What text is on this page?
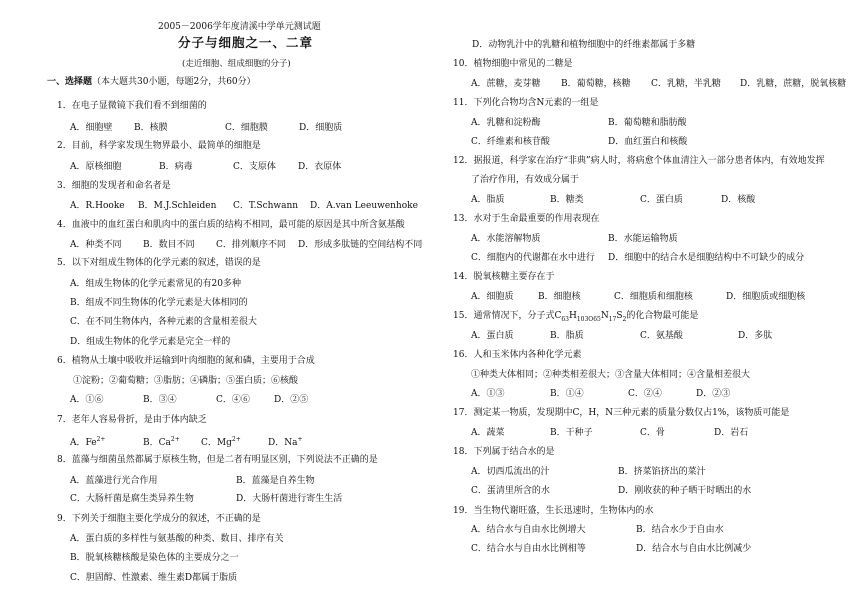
2005－2006学年度清溪中学单元测试题
分子与细胞之一、二章
(走近细胞、组成细胞的分子)
一、选择题（本大题共30小题，每题2分，共60分）
1．在电子显微镜下我们看不到细菌的
A．细胞壁 B．核膜	C．细胞膜	D．细胞质
2．目前，科学家发现生物界最小、最简单的细胞是
A．原核细胞	B．病毒	C．支原体 D．衣原体
3．细胞的发现者和命名者是
A．R.Hooke B．M.J.Schleiden C．T.Schwann D．A.van Leeuwenhoke
4．血液中的血红蛋白和肌肉中的蛋白质的结构不相同，最可能的原因是其中所含氨基酸
A．种类不同 B．数目不同 C．排列顺序不同 D．形成多肽链的空间结构不同
5．以下对组成生物体的化学元素的叙述，错误的是
A．组成生物体的化学元素常见的有20多种
B．组成不同生物体的化学元素是大体相同的
C．在不同生物体内，各种元素的含量相差很大
D．组成生物体的化学元素是完全一样的
6．植物从土壤中吸收并运输到叶肉细胞的氮和磷，主要用于合成
①淀粉；②葡萄糖；③脂肪；④磷脂；⑤蛋白质；⑥核酸
A．①⑥	B．③④	C．④⑥	D．②⑤
7．老年人容易骨折，是由于体内缺乏
A．$Fe^{2+}$	B．$Ca^{2+}$ C．$Mg^{2+}$	D．Na+
8．蓝藻与细菌虽然都属于原核生物，但是二者有明显区别，下列说法不正确的是
A．蓝藻进行光合作用	B．蓝藻是自养生物
C．大肠杆菌是腐生类异养生物	D．大肠杆菌进行寄生生活
9．下列关于细胞主要化学成分的叙述，不正确的是
A．蛋白质的多样性与氨基酸的种类、数目、排序有关
B．脱氧核糖核酸是染色体的主要成分之一
C．胆固醇、性激素、维生素D都属于脂质
D．动物乳汁中的乳糖和植物细胞中的纤维素都属于多糖
10．植物细胞中常见的二糖是
A．蔗糖，麦芽糖 B．葡萄糖，核糖 C．乳糖，半乳糖 D．乳糖，蔗糖，脱氧核糖
11．下列化合物均含N元素的一组是
A．乳糖和淀粉酶	B．葡萄糖和脂肪酸
C．纤维素和核苷酸	D．血红蛋白和核酸
12．据报道，科学家在治疗“非典”病人时，将病愈个体血清注入一部分患者体内，有效地发挥
了治疗作用，有效成分属于
A．脂质	B．糖类	C．蛋白质	D．核酸
13．水对于生命最重要的作用表现在
A．水能溶解物质	B．水能运输物质
C．细胞内的代谢都在水中进行 D．细胞中的结合水是细胞结构中不可缺少的成分
14．脱氧核糖主要存在于
A．细胞质	B．细胞核	C．细胞质和细胞核	D．细胞质或细胞核
15．通常情况下，分子式$C_{63}H_{103O65}N_{17}S_2$的化合物最可能是
A．蛋白质	B．脂质	C．氨基酸	D．多肽
16．人和玉米体内各种化学元素
①种类大体相同；②种类相差很大；③含量大体相同；④含量相差很大
A．①③	B．①④	C．②④	D．②③
17．测定某一物质，发现期中C，H，N三种元素的质量分数仅占1%，该物质可能是
A．蔬菜	B．干种子	C．骨	D．岩石
18．下列属于结合水的是
A．切西瓜流出的汁	B．挤菜馅挤出的菜汁
C．蛋清里所含的水	D．刚收获的种子晒干时晒出的水
19．当生物代谢旺盛，生长迅速时，生物体内的水
A．结合水与自由水比例增大	B．结合水少于自由水
C．结合水与自由水比例相等	D．结合水与自由水比例减少
